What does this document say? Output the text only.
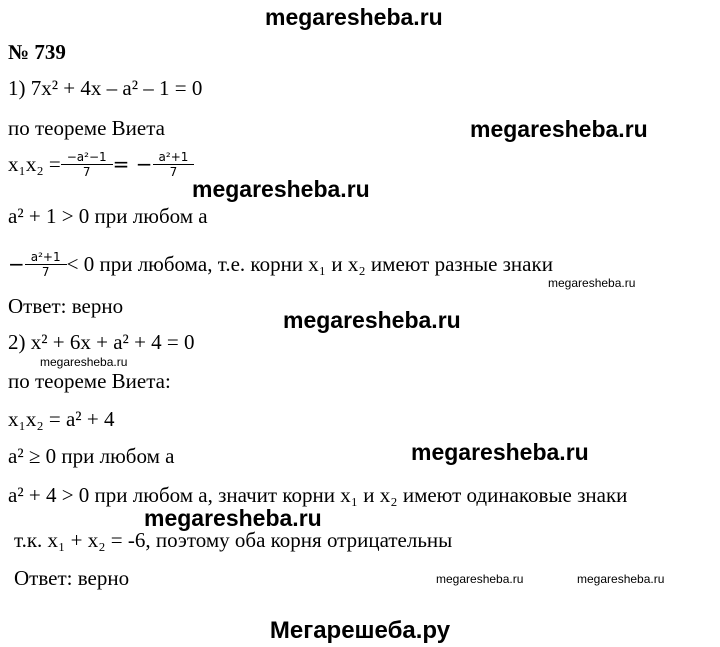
megaresheba.ru
№ 739
1) 7x² + 4x – a² – 1 = 0
по теореме Виета	megaresheba.ru
$x_1x_2 = \frac{\text{−a²−1}}{7}$ = − $\frac{\text{a²+1}}{7}$
megaresheba.ru
a² + 1 > 0 при любом a
− $\frac{\text{a²+1}}{7} < 0$ при любомa, т.е. корни x₁ и x₂ имеют разные знаки
megaresheba.ru
Ответ: верно
megaresheba.ru
2) x² + 6x + a² + 4 = 0
megaresheba.ru
по теореме Виета:
x₁x₂ = a² + 4
a² ≥ 0 при любом a	megaresheba.ru
a² + 4 > 0 при любом a, значит корни x₁ и x₂ имеют одинаковые знаки
megaresheba.ru
т.к. x₁ + x₂ = -6, поэтому оба корня отрицательны
Ответ: верно	megaresheba.ru	megaresheba.ru
Мегарешеба.ру
